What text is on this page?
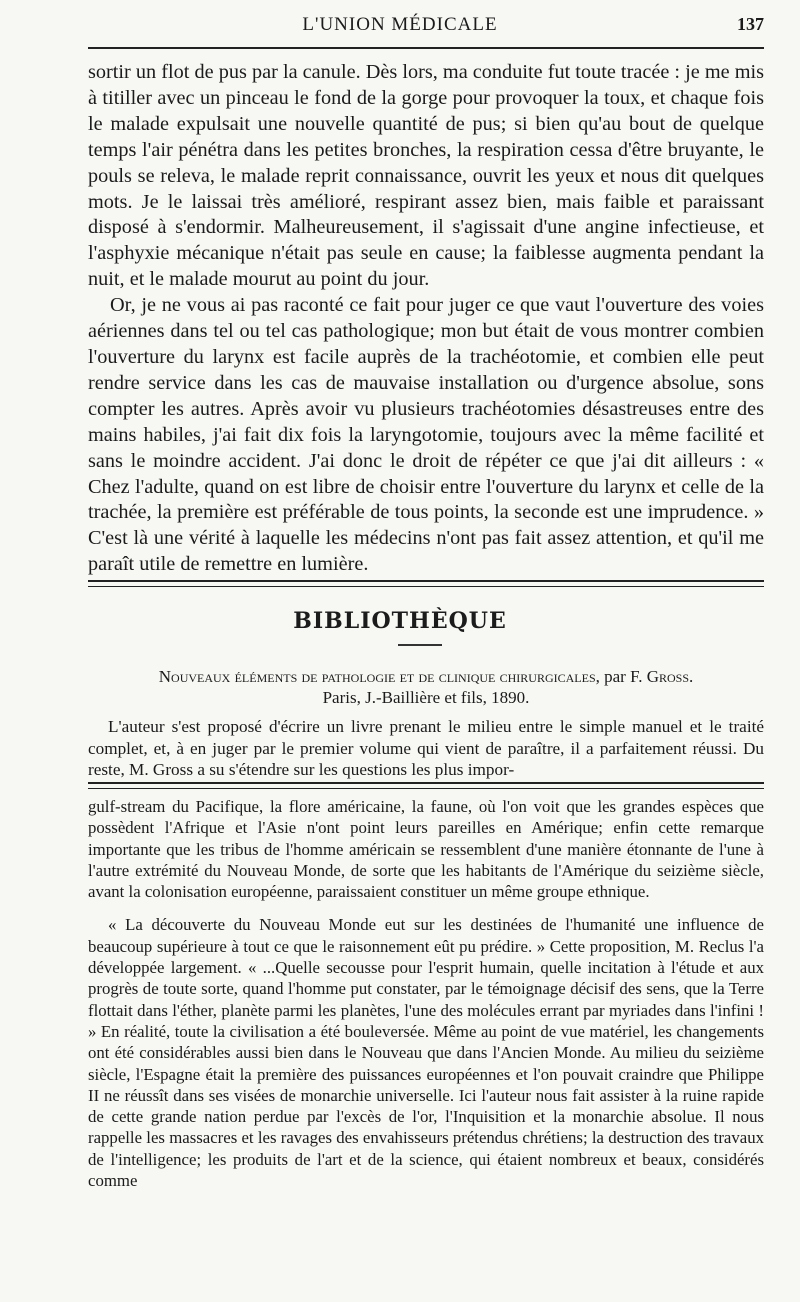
L'UNION MÉDICALE	137

sortir un flot de pus par la canule. Dès lors, ma conduite fut toute tracée : je me mis à titiller avec un pinceau le fond de la gorge pour provoquer la toux, et chaque fois le malade expulsait une nouvelle quantité de pus; si bien qu'au bout de quelque temps l'air pénétra dans les petites bronches, la respiration cessa d'être bruyante, le pouls se releva, le malade reprit connaissance, ouvrit les yeux et nous dit quelques mots. Je le laissai très amélioré, respirant assez bien, mais faible et paraissant disposé à s'endormir. Malheureusement, il s'agissait d'une angine infectieuse, et l'asphyxie mécanique n'était pas seule en cause; la faiblesse augmenta pendant la nuit, et le malade mourut au point du jour.

Or, je ne vous ai pas raconté ce fait pour juger ce que vaut l'ouverture des voies aériennes dans tel ou tel cas pathologique; mon but était de vous montrer combien l'ouverture du larynx est facile auprès de la trachéotomie, et combien elle peut rendre service dans les cas de mauvaise installation ou d'urgence absolue, sons compter les autres. Après avoir vu plusieurs trachéotomies désastreuses entre des mains habiles, j'ai fait dix fois la laryngotomie, toujours avec la même facilité et sans le moindre accident. J'ai donc le droit de répéter ce que j'ai dit ailleurs : « Chez l'adulte, quand on est libre de choisir entre l'ouverture du larynx et celle de la trachée, la première est préférable de tous points, la seconde est une imprudence. » C'est là une vérité à laquelle les médecins n'ont pas fait assez attention, et qu'il me paraît utile de remettre en lumière.

BIBLIOTHÈQUE
Nouveaux éléments de pathologie et de clinique chirurgicales, par F. Gross.
Paris, J.-Baillière et fils, 1890.

L'auteur s'est proposé d'écrire un livre prenant le milieu entre le simple manuel et le traité complet, et, à en juger par le premier volume qui vient de paraître, il a parfaitement réussi. Du reste, M. Gross a su s'étendre sur les questions les plus impor-

gulf-stream du Pacifique, la flore américaine, la faune, où l'on voit que les grandes espèces que possèdent l'Afrique et l'Asie n'ont point leurs pareilles en Amérique; enfin cette remarque importante que les tribus de l'homme américain se ressemblent d'une manière étonnante de l'une à l'autre extrémité du Nouveau Monde, de sorte que les habitants de l'Amérique du seizième siècle, avant la colonisation européenne, paraissaient constituer un même groupe ethnique.

« La découverte du Nouveau Monde eut sur les destinées de l'humanité une influence de beaucoup supérieure à tout ce que le raisonnement eût pu prédire. » Cette proposition, M. Reclus l'a développée largement. « ...Quelle secousse pour l'esprit humain, quelle incitation à l'étude et aux progrès de toute sorte, quand l'homme put constater, par le témoignage décisif des sens, que la Terre flottait dans l'éther, planète parmi les planètes, l'une des molécules errant par myriades dans l'infini ! » En réalité, toute la civilisation a été bouleversée. Même au point de vue matériel, les changements ont été considérables aussi bien dans le Nouveau que dans l'Ancien Monde. Au milieu du seizième siècle, l'Espagne était la première des puissances européennes et l'on pouvait craindre que Philippe II ne réussît dans ses visées de monarchie universelle. Ici l'auteur nous fait assister à la ruine rapide de cette grande nation perdue par l'excès de l'or, l'Inquisition et la monarchie absolue. Il nous rappelle les massacres et les ravages des envahisseurs prétendus chrétiens; la destruction des travaux de l'intelligence; les produits de l'art et de la science, qui étaient nombreux et beaux, considérés comme
